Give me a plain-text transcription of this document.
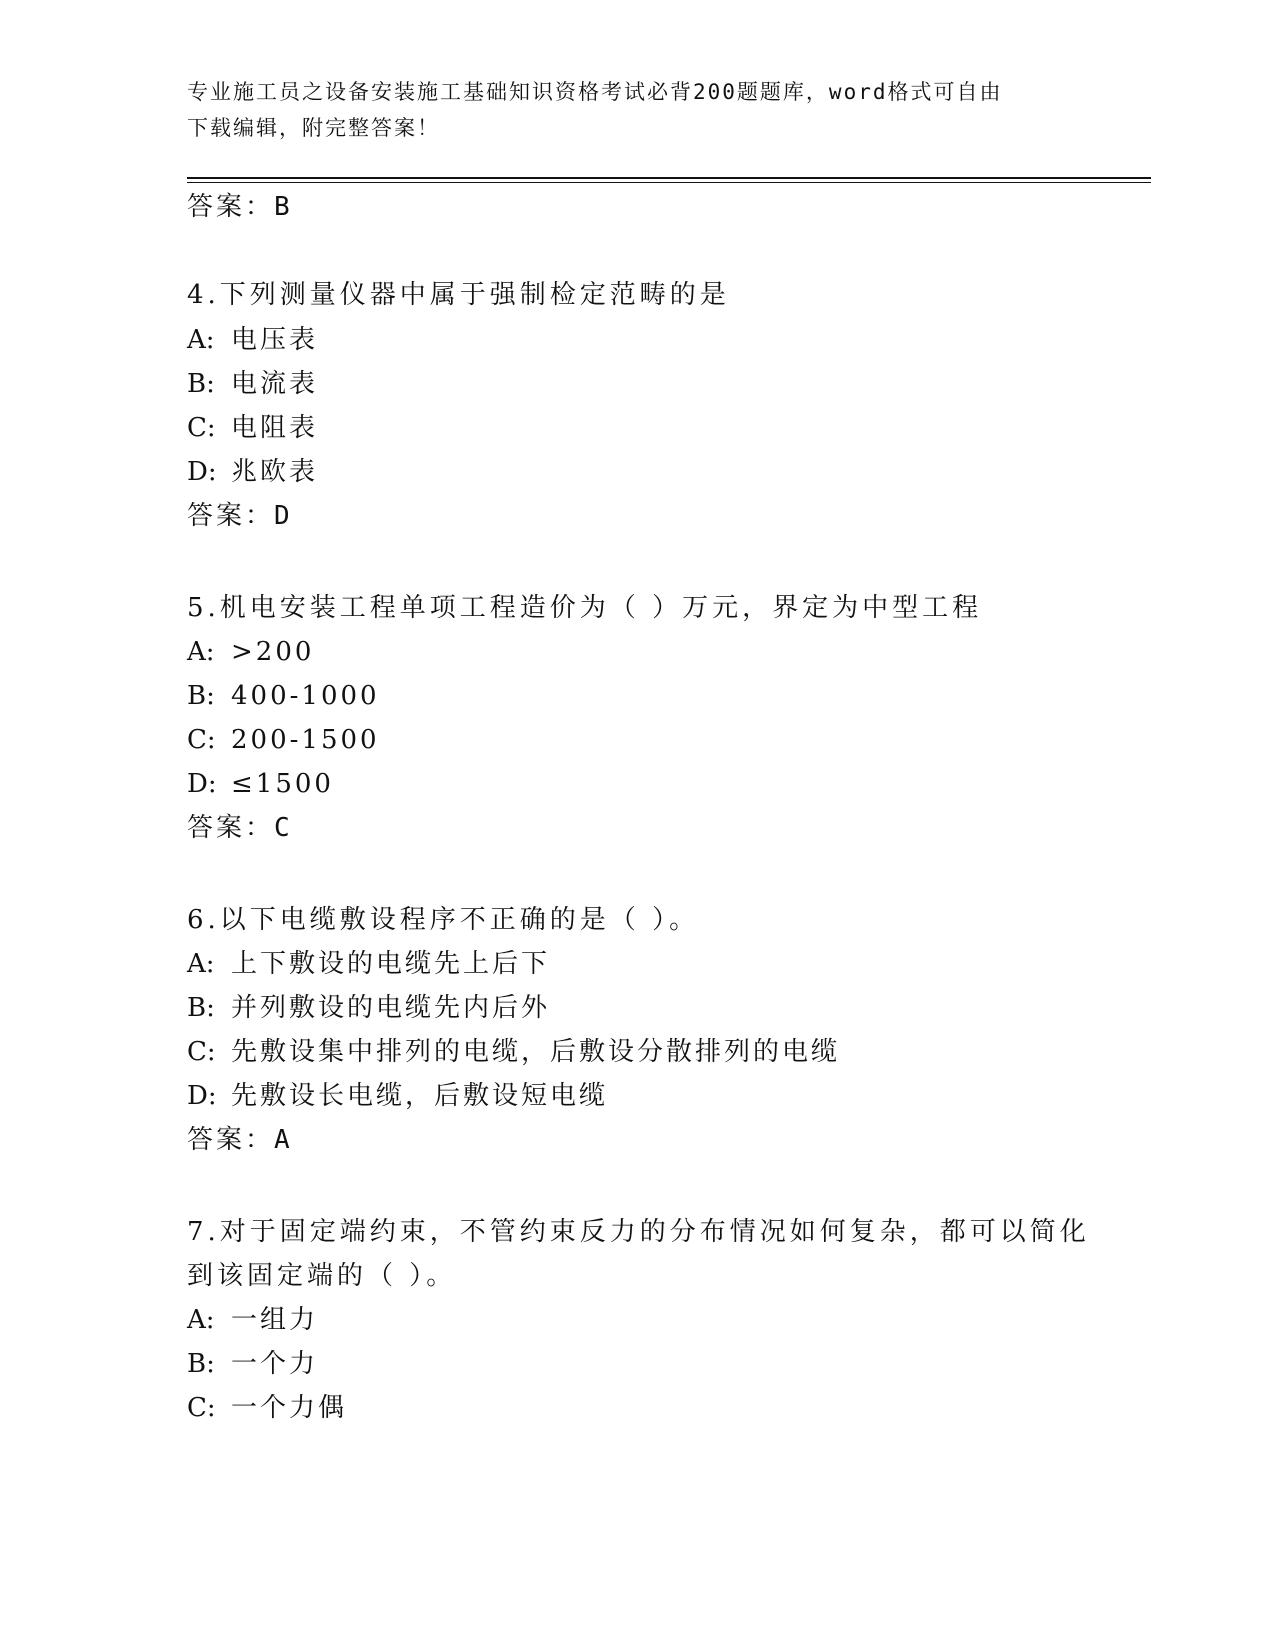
专业施工员之设备安装施工基础知识资格考试必背200题题库，word格式可自由
下载编辑，附完整答案！
答案：B
4.下列测量仪器中属于强制检定范畴的是
A: 电压表
B: 电流表
C: 电阻表
D: 兆欧表
答案：D
5.机电安装工程单项工程造价为（ ）万元，界定为中型工程
A: >200
B: 400-1000
C: 200-1500
D: ≤1500
答案：C
6.以下电缆敷设程序不正确的是（ ）。
A: 上下敷设的电缆先上后下
B: 并列敷设的电缆先内后外
C: 先敷设集中排列的电缆，后敷设分散排列的电缆
D: 先敷设长电缆，后敷设短电缆
答案：A
7.对于固定端约束，不管约束反力的分布情况如何复杂，都可以简化
到该固定端的（ ）。
A: 一组力
B: 一个力
C: 一个力偶
